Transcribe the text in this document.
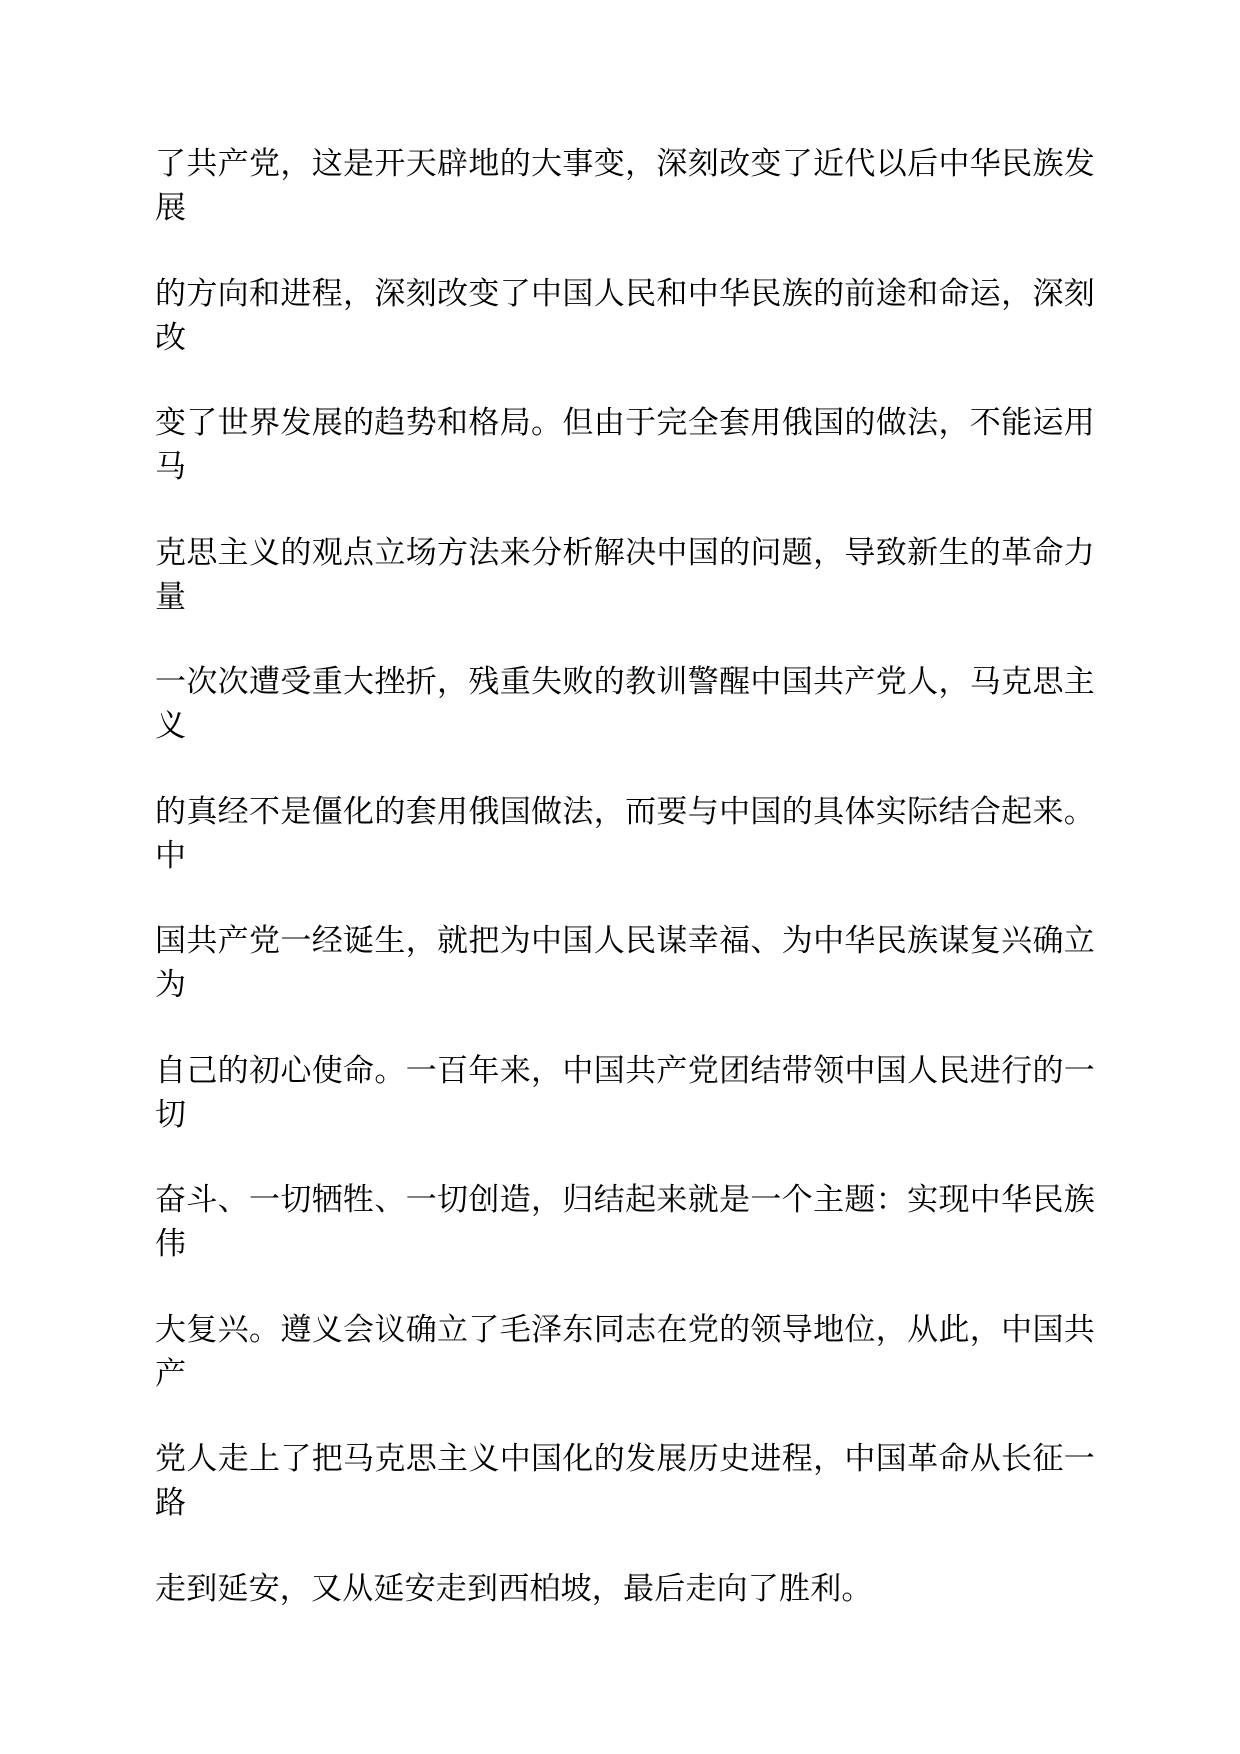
了共产党，这是开天辟地的大事变，深刻改变了近代以后中华民族发展
的方向和进程，深刻改变了中国人民和中华民族的前途和命运，深刻改
变了世界发展的趋势和格局。但由于完全套用俄国的做法，不能运用马
克思主义的观点立场方法来分析解决中国的问题，导致新生的革命力量
一次次遭受重大挫折，残重失败的教训警醒中国共产党人，马克思主义
的真经不是僵化的套用俄国做法，而要与中国的具体实际结合起来。中
国共产党一经诞生，就把为中国人民谋幸福、为中华民族谋复兴确立为
自己的初心使命。一百年来，中国共产党团结带领中国人民进行的一切
奋斗、一切牺牲、一切创造，归结起来就是一个主题：实现中华民族伟
大复兴。遵义会议确立了毛泽东同志在党的领导地位，从此，中国共产
党人走上了把马克思主义中国化的发展历史进程，中国革命从长征一路
走到延安，又从延安走到西柏坡，最后走向了胜利。
